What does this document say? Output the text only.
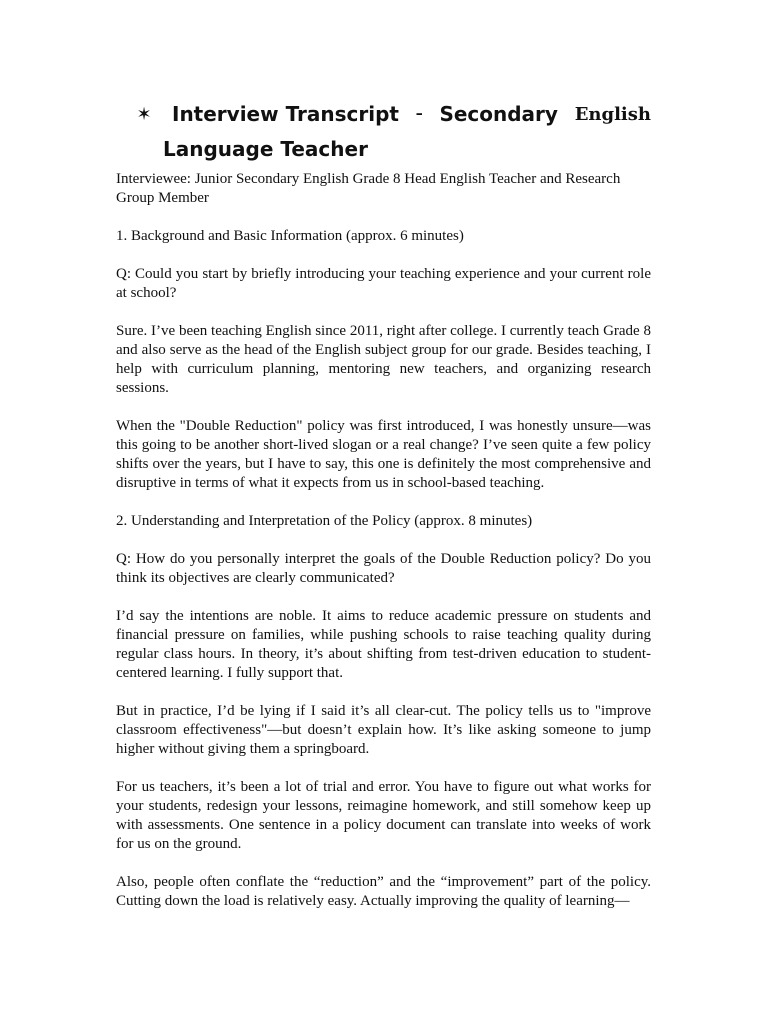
✶	Interview Transcript – Secondary English
Language Teacher

Interviewee: Junior Secondary English Grade 8 Head English Teacher and Research Group Member

1. Background and Basic Information (approx. 6 minutes)

Q: Could you start by briefly introducing your teaching experience and your current role at school?

Sure. I’ve been teaching English since 2011, right after college. I currently teach Grade 8 and also serve as the head of the English subject group for our grade. Besides teaching, I help with curriculum planning, mentoring new teachers, and organizing research sessions.

When the "Double Reduction" policy was first introduced, I was honestly unsure—was this going to be another short-lived slogan or a real change? I’ve seen quite a few policy shifts over the years, but I have to say, this one is definitely the most comprehensive and disruptive in terms of what it expects from us in school-based teaching.

2. Understanding and Interpretation of the Policy (approx. 8 minutes)

Q: How do you personally interpret the goals of the Double Reduction policy? Do you think its objectives are clearly communicated?

I’d say the intentions are noble. It aims to reduce academic pressure on students and financial pressure on families, while pushing schools to raise teaching quality during regular class hours. In theory, it’s about shifting from test-driven education to student-centered learning. I fully support that.

But in practice, I’d be lying if I said it’s all clear-cut. The policy tells us to "improve classroom effectiveness"—but doesn’t explain how. It’s like asking someone to jump higher without giving them a springboard.

For us teachers, it’s been a lot of trial and error. You have to figure out what works for your students, redesign your lessons, reimagine homework, and still somehow keep up with assessments. One sentence in a policy document can translate into weeks of work for us on the ground.

Also, people often conflate the “reduction” and the “improvement” part of the policy. Cutting down the load is relatively easy. Actually improving the quality of learning—
